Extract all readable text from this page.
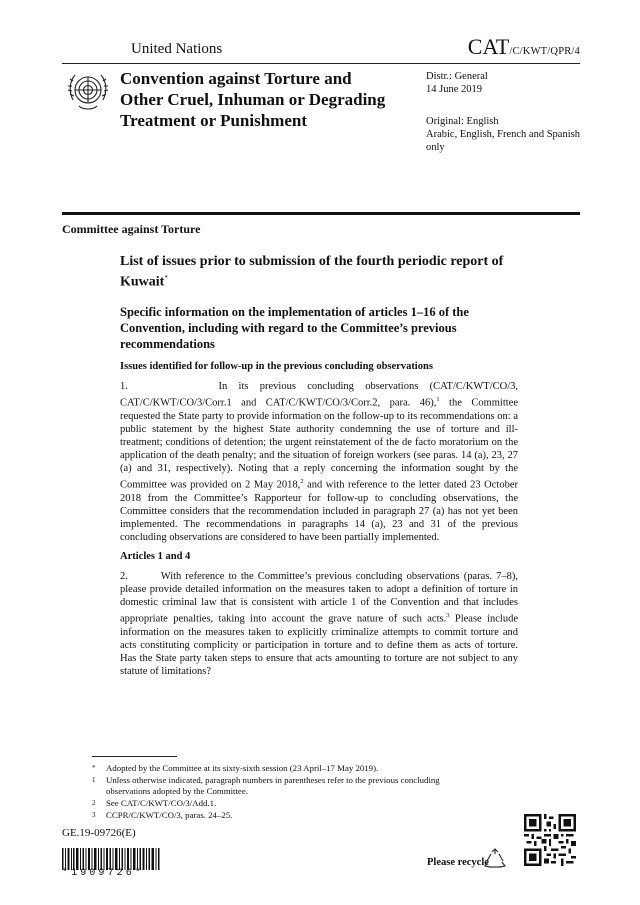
United Nations	CAT/C/KWT/QPR/4
Convention against Torture and Other Cruel, Inhuman or Degrading Treatment or Punishment
Distr.: General
14 June 2019
Original: English
Arabic, English, French and Spanish only
Committee against Torture
List of issues prior to submission of the fourth periodic report of Kuwait*
Specific information on the implementation of articles 1–16 of the Convention, including with regard to the Committee’s previous recommendations
Issues identified for follow-up in the previous concluding observations
1.	In its previous concluding observations (CAT/C/KWT/CO/3, CAT/C/KWT/CO/3/Corr.1 and CAT/C/KWT/CO/3/Corr.2, para. 46),$^1$ the Committee requested the State party to provide information on the follow-up to its recommendations on: a public statement by the highest State authority condemning the use of torture and ill-treatment; conditions of detention; the urgent reinstatement of the de facto moratorium on the application of the death penalty; and the situation of foreign workers (see paras. 14 (a), 23, 27 (a) and 31, respectively). Noting that a reply concerning the information sought by the Committee was provided on 2 May 2018,$^2$ and with reference to the letter dated 23 October 2018 from the Committee’s Rapporteur for follow-up to concluding observations, the Committee considers that the recommendation included in paragraph 27 (a) has not yet been implemented. The recommendations in paragraphs 14 (a), 23 and 31 of the previous concluding observations are considered to have been partially implemented.
Articles 1 and 4
2.	With reference to the Committee’s previous concluding observations (paras. 7–8), please provide detailed information on the measures taken to adopt a definition of torture in domestic criminal law that is consistent with article 1 of the Convention and that includes appropriate penalties, taking into account the grave nature of such acts.$^3$ Please include information on the measures taken to explicitly criminalize attempts to commit torture and acts constituting complicity or participation in torture and to define them as acts of torture. Has the State party taken steps to ensure that acts amounting to torture are not subject to any statute of limitations?
* Adopted by the Committee at its sixty-sixth session (23 April–17 May 2019).
1 Unless otherwise indicated, paragraph numbers in parentheses refer to the previous concluding observations adopted by the Committee.
2 See CAT/C/KWT/CO/3/Add.1.
3 CCPR/C/KWT/CO/3, paras. 24–25.
GE.19-09726(E)
*1909726*
Please recycle
